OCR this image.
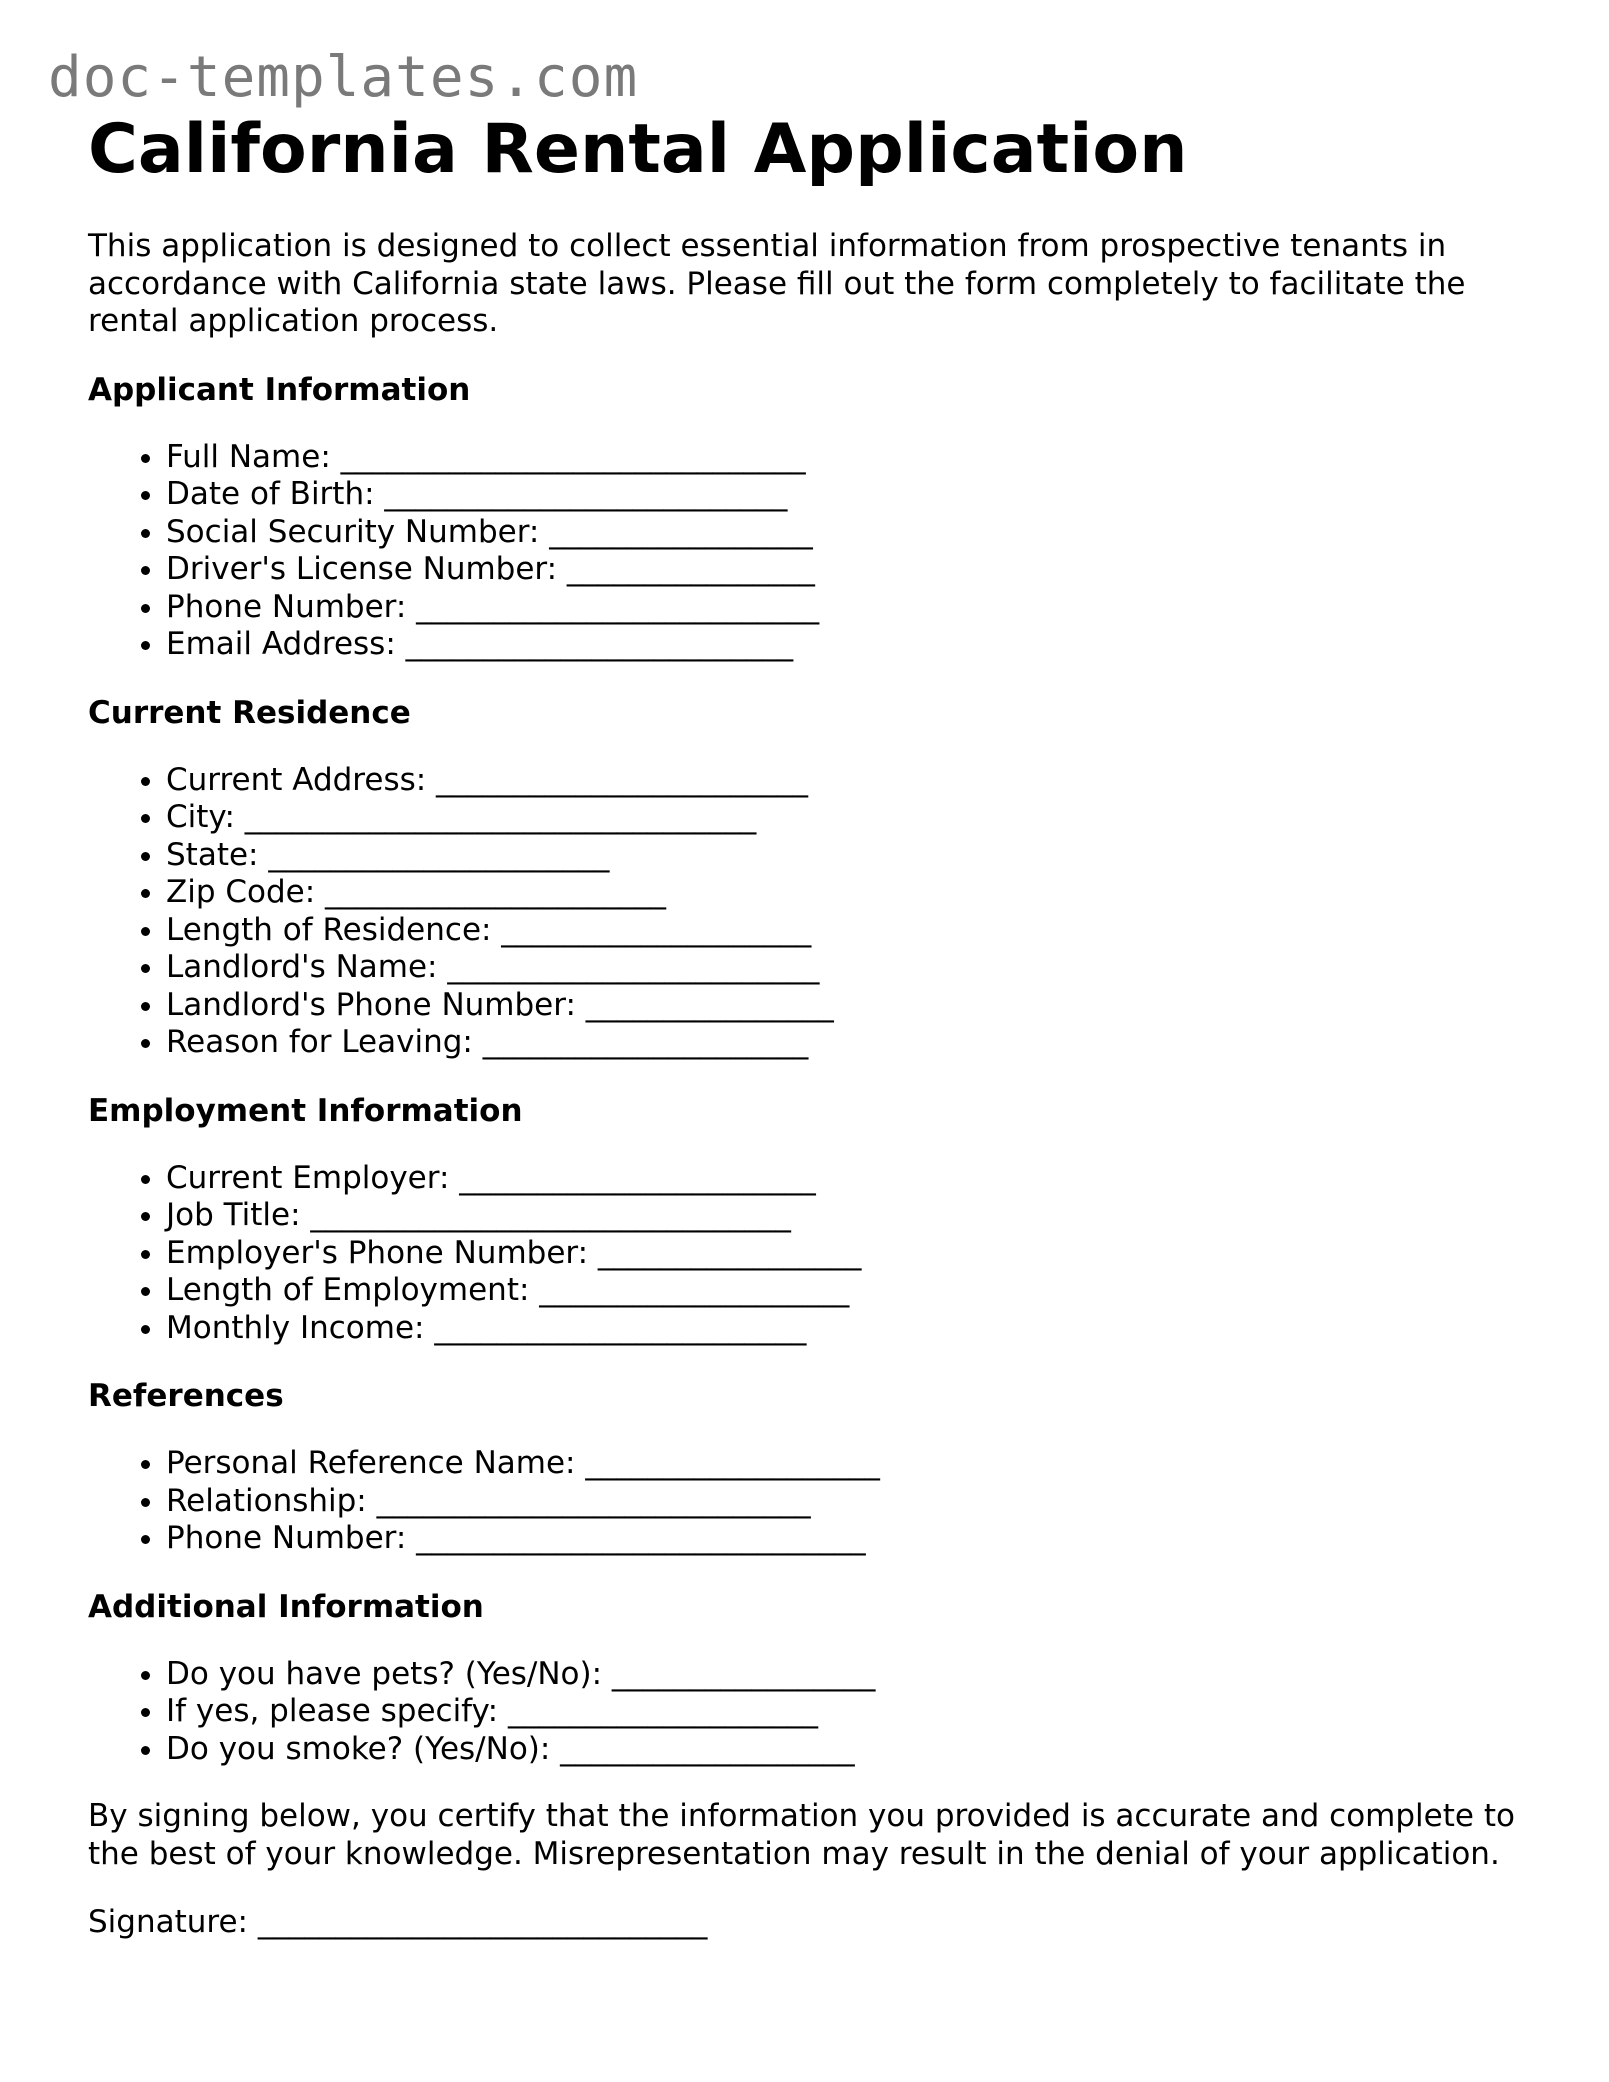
doc-templates.com
California Rental Application

This application is designed to collect essential information from prospective tenants in accordance with California state laws. Please fill out the form completely to facilitate the rental application process.

Applicant Information
• Full Name: ______________________________
• Date of Birth: __________________________
• Social Security Number: _________________
• Driver's License Number: ________________
• Phone Number: __________________________
• Email Address: _________________________
Current Residence
• Current Address: ________________________
• City: _________________________________
• State: ______________________
• Zip Code: ______________________
• Length of Residence: ____________________
• Landlord's Name: ________________________
• Landlord's Phone Number: ________________
• Reason for Leaving: _____________________
Employment Information
• Current Employer: _______________________
• Job Title: _______________________________
• Employer's Phone Number: _________________
• Length of Employment: ____________________
• Monthly Income: ________________________
References
• Personal Reference Name: ___________________
• Relationship: ____________________________
• Phone Number: _____________________________
Additional Information
• Do you have pets? (Yes/No): _________________
• If yes, please specify: ____________________
• Do you smoke? (Yes/No): ___________________

By signing below, you certify that the information you provided is accurate and complete to the best of your knowledge. Misrepresentation may result in the denial of your application.

Signature: _____________________________
